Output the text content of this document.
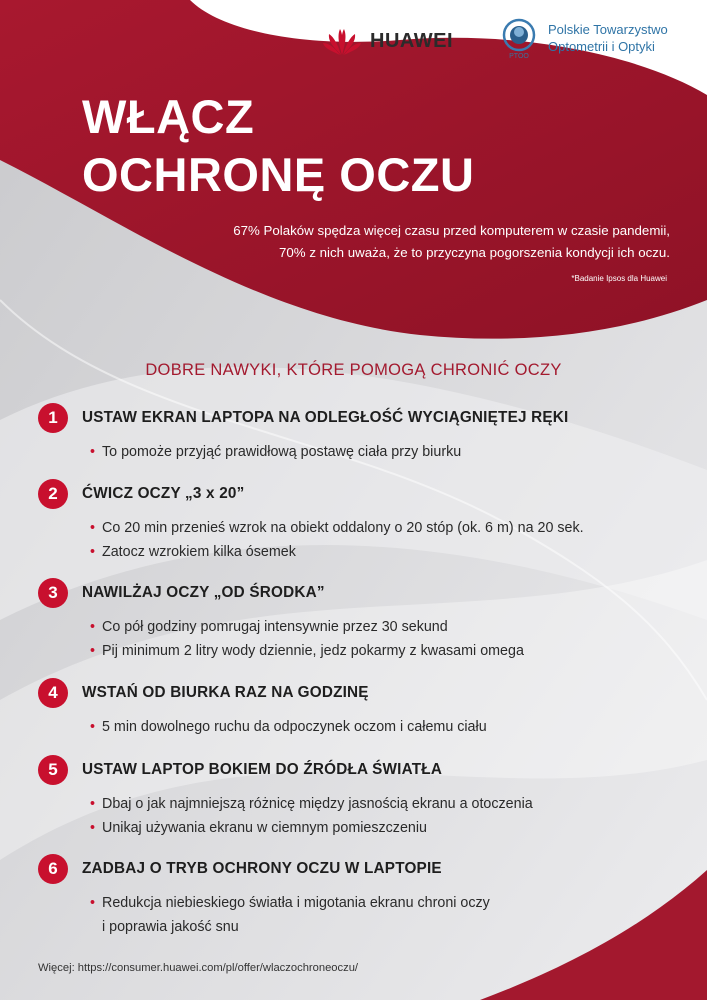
HUAWEI
PTOO
Polskie Towarzystwo
Optometrii i Optyki
WŁĄCZ
OCHRONĘ OCZU
67% Polaków spędza więcej czasu przed komputerem w czasie pandemii,
70% z nich uważa, że to przyczyna pogorszenia kondycji ich oczu.
*Badanie Ipsos dla Huawei
DOBRE NAWYKI, KTÓRE POMOGĄ CHRONIĆ OCZY
1	USTAW EKRAN LAPTOPA NA ODLEGŁOŚĆ WYCIĄGNIĘTEJ RĘKI
• To pomoże przyjąć prawidłową postawę ciała przy biurku
2	ĆWICZ OCZY „3 x 20”
• Co 20 min przenieś wzrok na obiekt oddalony o 20 stóp (ok. 6 m) na 20 sek.
• Zatocz wzrokiem kilka ósemek
3	NAWILŻAJ OCZY „OD ŚRODKA”
• Co pół godziny pomrugaj intensywnie przez 30 sekund
• Pij minimum 2 litry wody dziennie, jedz pokarmy z kwasami omega
4	WSTAŃ OD BIURKA RAZ NA GODZINĘ
• 5 min dowolnego ruchu da odpoczynek oczom i całemu ciału
5	USTAW LAPTOP BOKIEM DO ŹRÓDŁA ŚWIATŁA
• Dbaj o jak najmniejszą różnicę między jasnością ekranu a otoczenia
• Unikaj używania ekranu w ciemnym pomieszczeniu
6	ZADBAJ O TRYB OCHRONY OCZU W LAPTOPIE
• Redukcja niebieskiego światła i migotania ekranu chroni oczy
i poprawia jakość snu
Więcej: https://consumer.huawei.com/pl/offer/wlaczochroneoczu/
